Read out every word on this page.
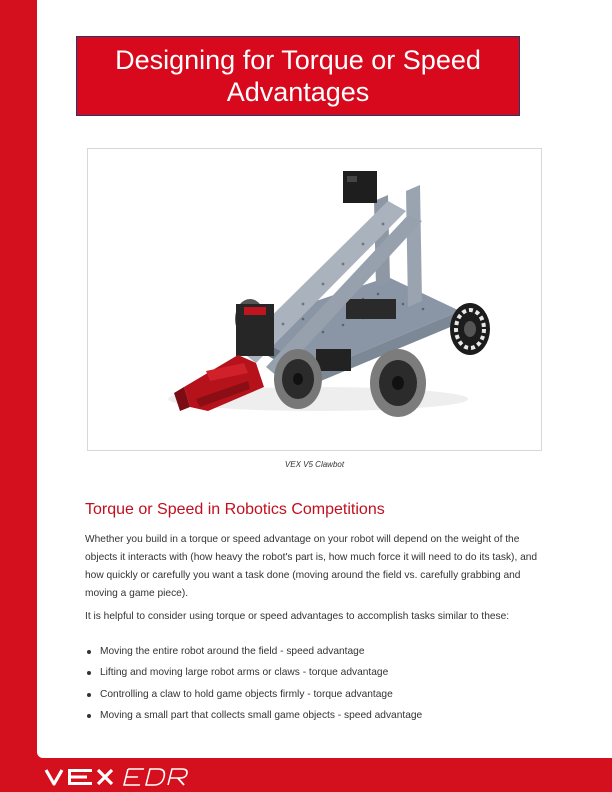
Designing for Torque or Speed Advantages
VEX V5 Clawbot
Torque or Speed in Robotics Competitions

Whether you build in a torque or speed advantage on your robot will depend on the weight of the objects it interacts with (how heavy the robot's part is, how much force it will need to do its task), and how quickly or carefully you want a task done (moving around the field vs. carefully grabbing and moving a game piece).

It is helpful to consider using torque or speed advantages to accomplish tasks similar to these:

Moving the entire robot around the field - speed advantage
Lifting and moving large robot arms or claws - torque advantage
Controlling a claw to hold game objects firmly - torque advantage
Moving a small part that collects small game objects - speed advantage
